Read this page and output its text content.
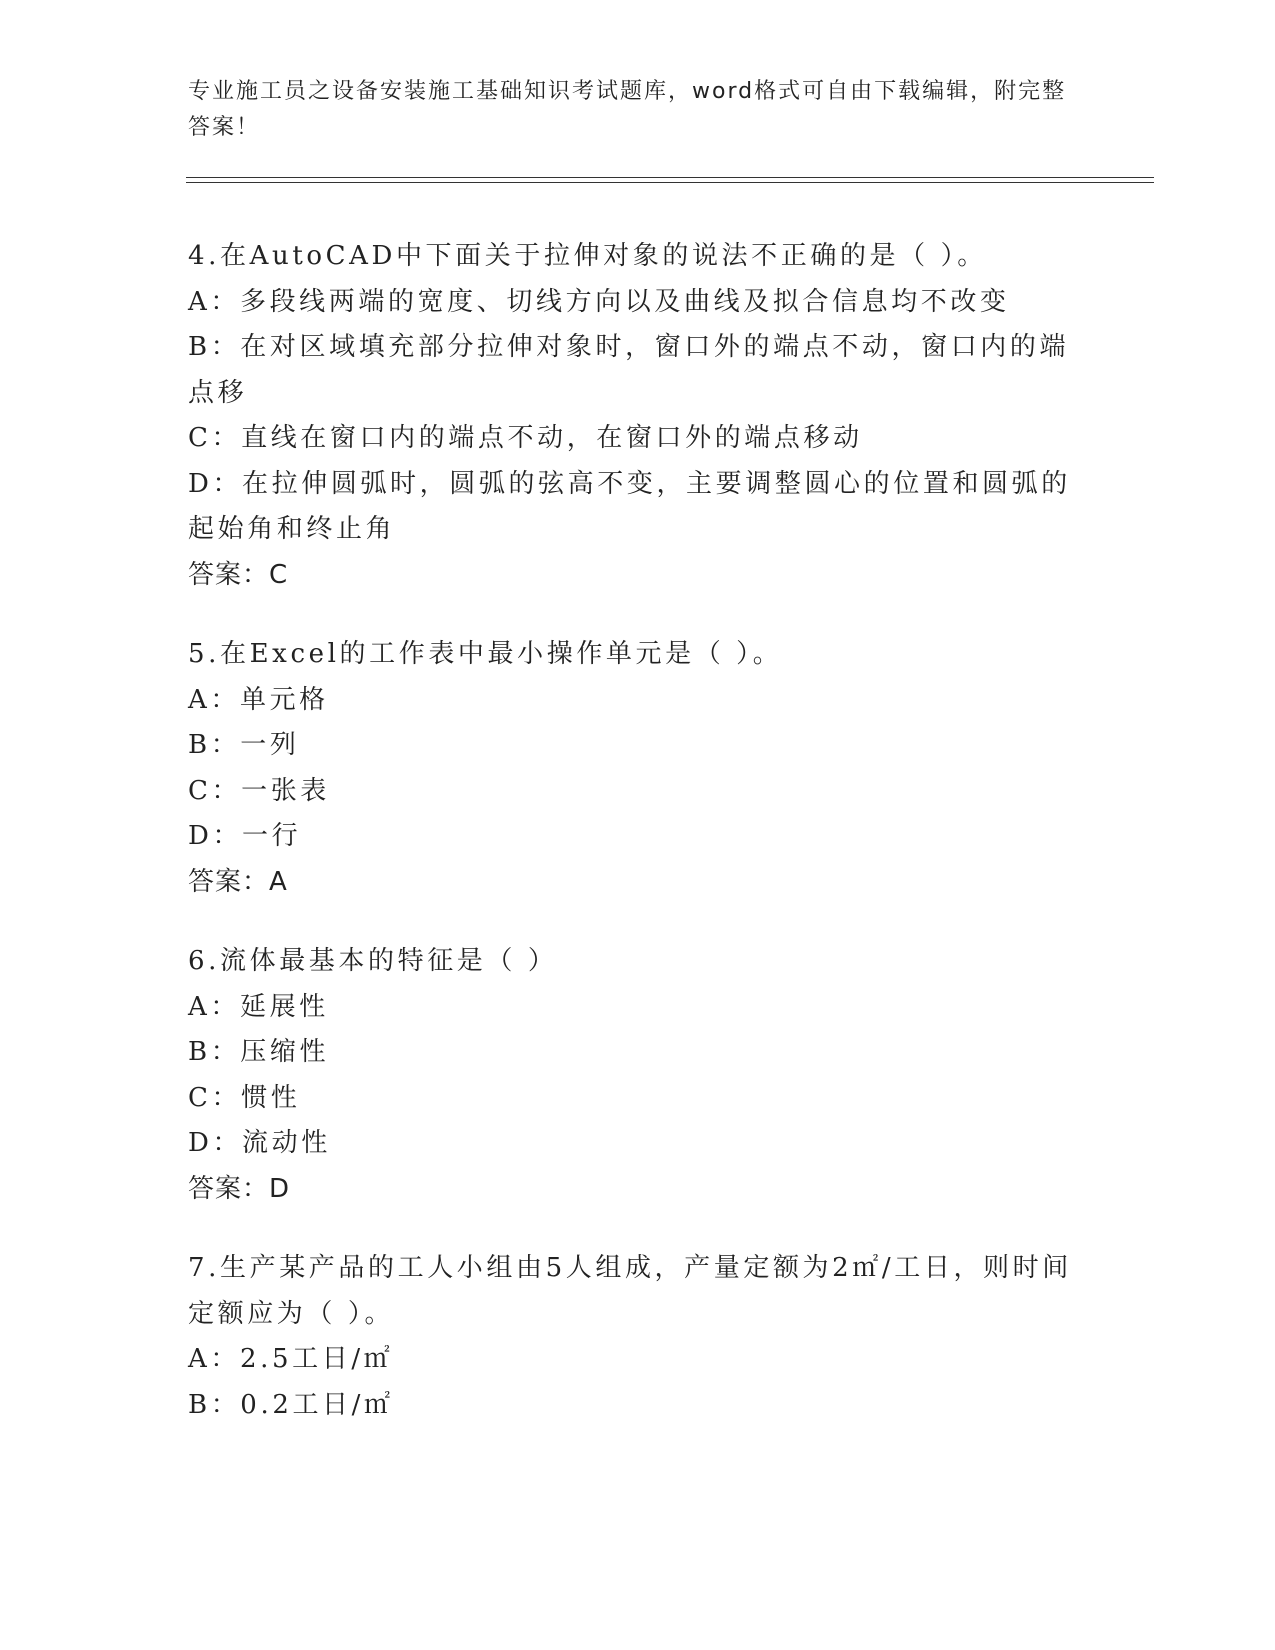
专业施工员之设备安装施工基础知识考试题库，word格式可自由下载编辑，附完整答案！

4.在AutoCAD中下面关于拉伸对象的说法不正确的是（ ）。

A：多段线两端的宽度、切线方向以及曲线及拟合信息均不改变

B：在对区域填充部分拉伸对象时，窗口外的端点不动，窗口内的端点移

C：直线在窗口内的端点不动，在窗口外的端点移动

D：在拉伸圆弧时，圆弧的弦高不变，主要调整圆心的位置和圆弧的起始角和终止角

答案：C

5.在Excel的工作表中最小操作单元是（ ）。

A：单元格

B：一列

C：一张表

D：一行

答案：A

6.流体最基本的特征是（ ）

A：延展性

B：压缩性

C：惯性

D：流动性

答案：D

7.生产某产品的工人小组由5人组成，产量定额为2㎡/工日，则时间定额应为（ ）。

A：2.5工日/㎡

B：0.2工日/㎡
